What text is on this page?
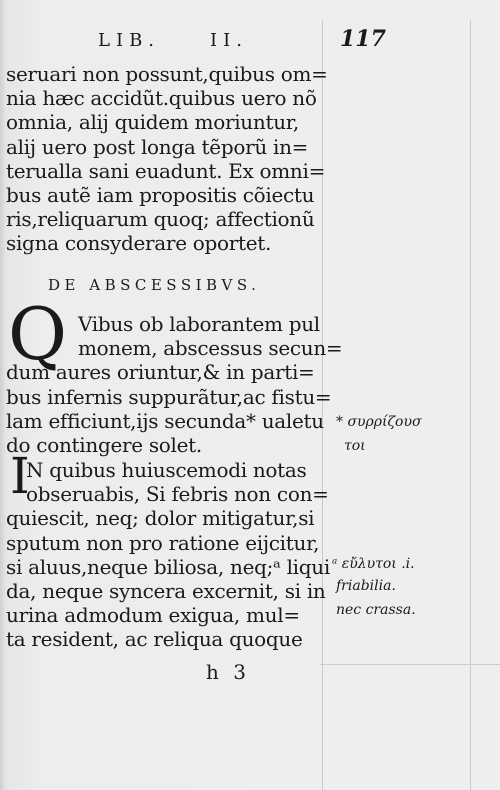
LIB.	II.	117
seruari non possunt,quibus om=
nia hæc accidũt.quibus uero nõ
omnia, alij quidem moriuntur,
alij uero post longa tẽporũ in=
terualla sani euadunt. Ex omni=
bus autẽ iam propositis cõiectu
ris,reliquarum quoq; affectionũ
signa consyderare oportet.
DE ABSCESSIBVS.
Q Vibus ob laborantem pul
monem, abscessus secun=
dum aures oriuntur,& in parti=
bus infernis suppurãtur,ac fistu=
lam efficiunt,ijs secunda* ualetu
do contingere solet.
I
N quibus huiuscemodi notas
obseruabis, Si febris non con=
quiescit, neq; dolor mitigatur,si
sputum non pro ratione eijcitur,
si aluus,neque biliosa, neq;ᵃ liqui
da, neque syncera excernit, si in
urina admodum exigua, mul=
ta resident, ac reliqua quoque
* συρρίζουσ
τοι
ᵃ εὔλυτοι .i.
friabilia.
nec crassa.
h 3
